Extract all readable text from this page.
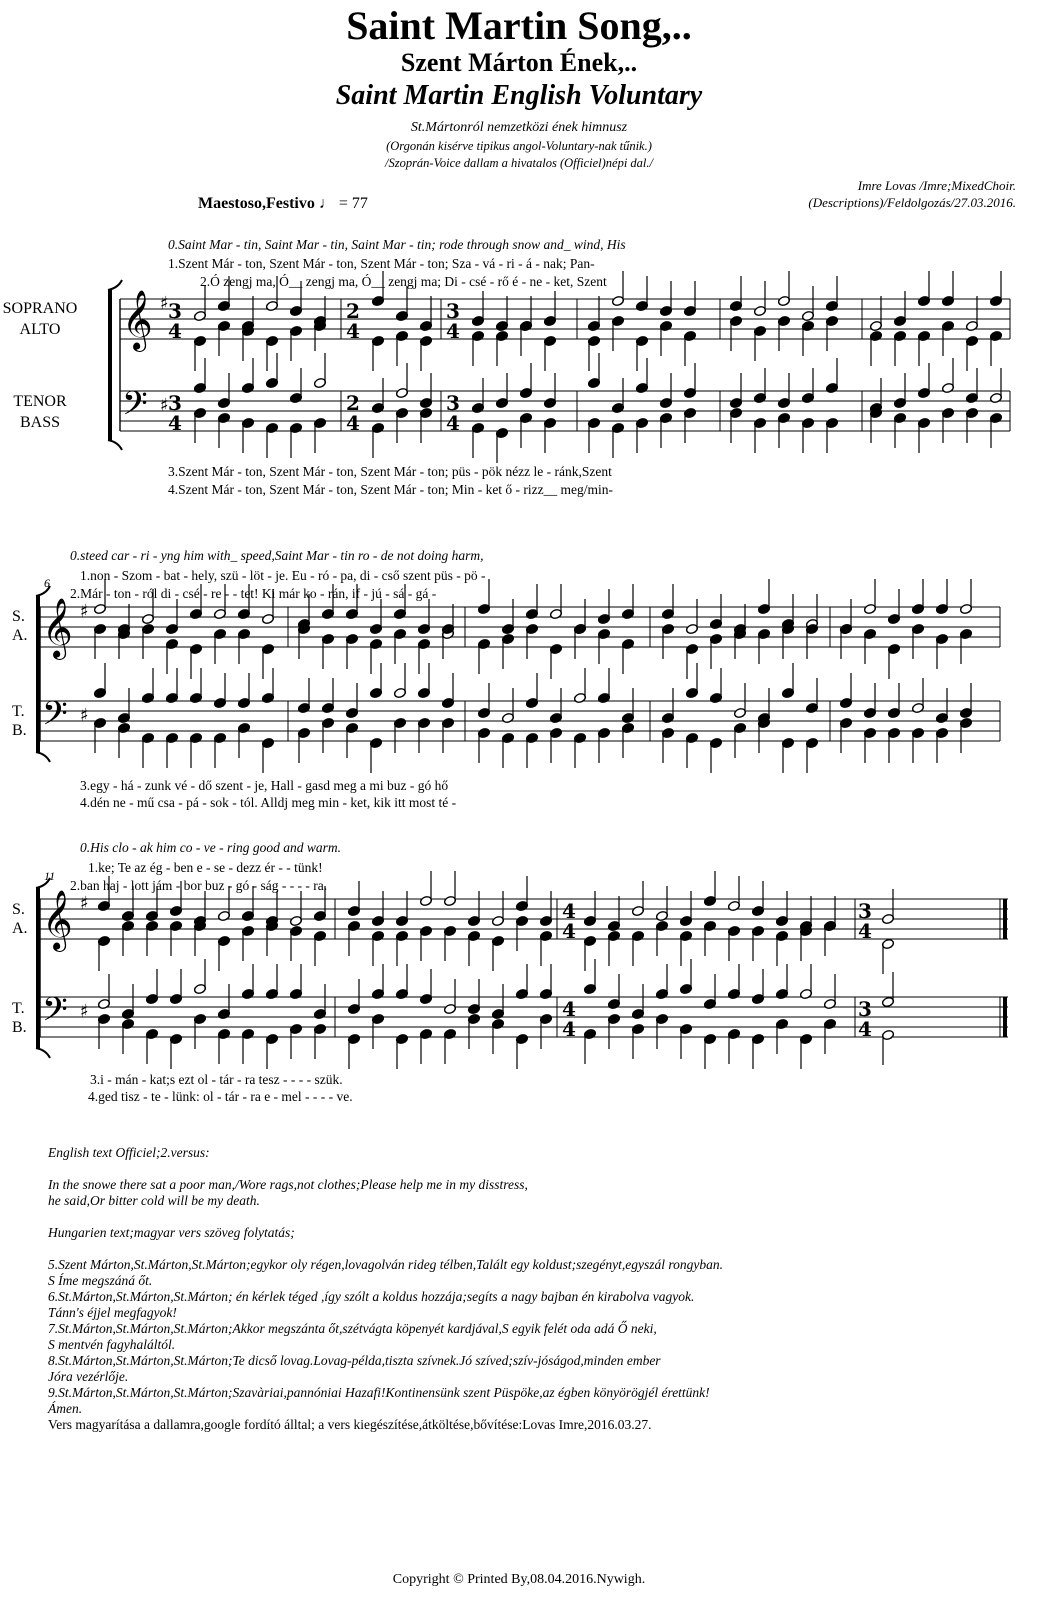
Saint Martin Song,..
Szent Márton Ének,..
Saint Martin English Voluntary
St.Mártonról nemzetközi ének himnusz
(Orgonán kisérve tipikus angol-Voluntary-nak tűnik.)
/Szoprán-Voice dallam a hivatalos (Officiel)népi dal./
Imre Lovas /Imre;MixedChoir.
(Descriptions)/Feldolgozás/27.03.2016.
Maestoso,Festivo ♩ = 77
𝄞
𝄢
♯
♯
3
4
3
4
2
4
2
4
3
4
3
4
𝄞
𝄢
♯
♯
𝄞
𝄢
♯
♯
4
4
4
4
3
4
3
4
SOPRANO
ALTO
TENOR
BASS
S.
A.
T.
B.
6
S.
A.
T.
B.
11
0.Saint Mar - tin, Saint Mar - tin, Saint Mar - tin; rode through snow and_ wind, His
1.Szent Már - ton, Szent Már - ton, Szent Már - ton; Sza - vá - ri - á - nak; Pan-
2.Ó zengj ma, Ó__ zengj ma, Ó__ zengj ma; Di - csé - rő é - ne - ket, Szent
3.Szent Már - ton, Szent Már - ton, Szent Már - ton; püs - pök nézz le - ránk,Szent
4.Szent Már - ton, Szent Már - ton, Szent Már - ton; Min - ket ő - rizz__ meg/min-
0.steed car - ri - yng him with_ speed,Saint Mar - tin ro - de not doing harm,
1.non - Szom - bat - hely, szü - löt - je. Eu - ró - pa, di - cső szent püs - pö -
2.Már - ton - ról di - csé - re - - tet! Ki már ko - rán, if - jú - sá - gá -
3.egy - há - zunk vé - dő szent - je, Hall - gasd meg a mi buz - gó hő
4.dén ne - mű csa - pá - sok - tól. Alldj meg min - ket, kik itt most té -
0.His clo - ak him co - ve - ring good and warm.
1.ke; Te az ég - ben e - se - dezz ér - - tünk!
2.ban haj - lott jám - bor buz - gó - ság - - - - ra.
3.i - mán - kat;s ezt ol - tár - ra tesz - - - - szük.
4.ged tisz - te - lünk: ol - tár - ra e - mel - - - - ve.
English text Officiel;2.versus:
In the snowe there sat a poor man,/Wore rags,not clothes;Please help me in my disstress,
he said,Or bitter cold will be my death.
Hungarien text;magyar vers szöveg folytatás;
5.Szent Márton,St.Márton,St.Márton;egykor oly régen,lovagolván rideg télben,Talált egy koldust;szegényt,egyszál rongyban.
S Íme megszáná őt.
6.St.Márton,St.Márton,St.Márton; én kérlek téged ,így szólt a koldus hozzája;segíts a nagy bajban én kirabolva vagyok.
Tánn's éjjel megfagyok!
7.St.Márton,St.Márton,St.Márton;Akkor megszánta őt,szétvágta köpenyét kardjával,S egyik felét oda adá Ő neki,
S mentvén fagyhaláltól.
8.St.Márton,St.Márton,St.Márton;Te dicső lovag.Lovag-példa,tiszta szívnek.Jó szíved;szív-jóságod,minden ember
Jóra vezérlője.
9.St.Márton,St.Márton,St.Márton;Szavàriai,pannóniai Hazafi!Kontinensünk szent Püspöke,az égben könyörögjél érettünk!
Ámen.
Vers magyarítása a dallamra,google fordító álltal; a vers kiegészítése,átköltése,bővítése:Lovas Imre,2016.03.27.
Copyright © Printed By,08.04.2016.Nywigh.
